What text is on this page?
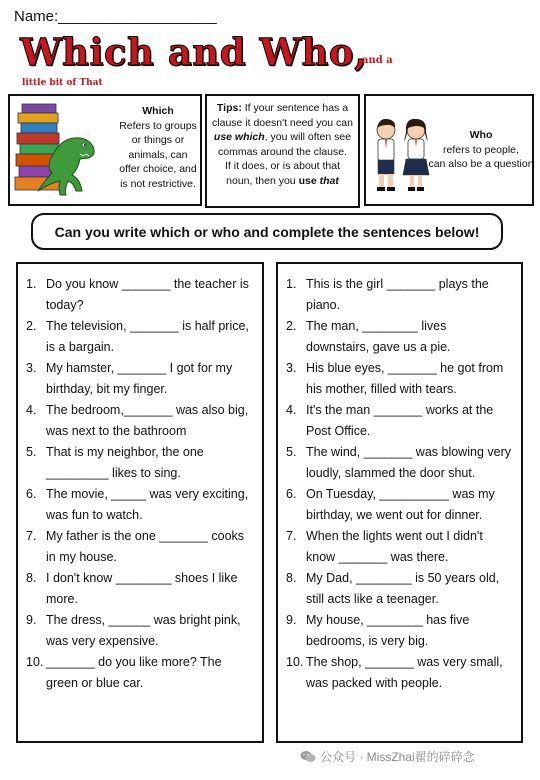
Name:___________________
Which and Who,
and a
little bit of That
Which
Refers to groups
or things or
animals, can
offer choice, and
is not restrictive.
Tips: If your sentence has a clause it doesn't need you can use which, you will often see commas around the clause.
If it does, or is about that noun, then you use that
Who
refers to people,
can also be a question
Can you write which or who and complete the sentences below!
1. Do you know _______ the teacher is today?
2. The television, _______ is half price, is a bargain.
3. My hamster, _______ I got for my birthday, bit my finger.
4. The bedroom,_______ was also big, was next to the bathroom
5. That is my neighbor, the one _________ likes to sing.
6. The movie, _____ was very exciting, was fun to watch.
7. My father is the one _______ cooks in my house.
8. I don't know ________ shoes I like more.
9. The dress, ______ was bright pink, was very expensive.
10. _______ do you like more? The green or blue car.
1. This is the girl _______ plays the piano.
2. The man, ________ lives downstairs, gave us a pie.
3. His blue eyes, _______ he got from his mother, filled with tears.
4. It's the man _______ works at the Post Office.
5. The wind, _______ was blowing very loudly, slammed the door shut.
6. On Tuesday, __________ was my birthday, we went out for dinner.
7. When the lights went out I didn't know _______ was there.
8. My Dad, ________ is 50 years old, still acts like a teenager.
9. My house, ________ has five bedrooms, is very big.
10. The shop, _______ was very small, was packed with people.
公众号 · MissZhai翟的碎碎念
